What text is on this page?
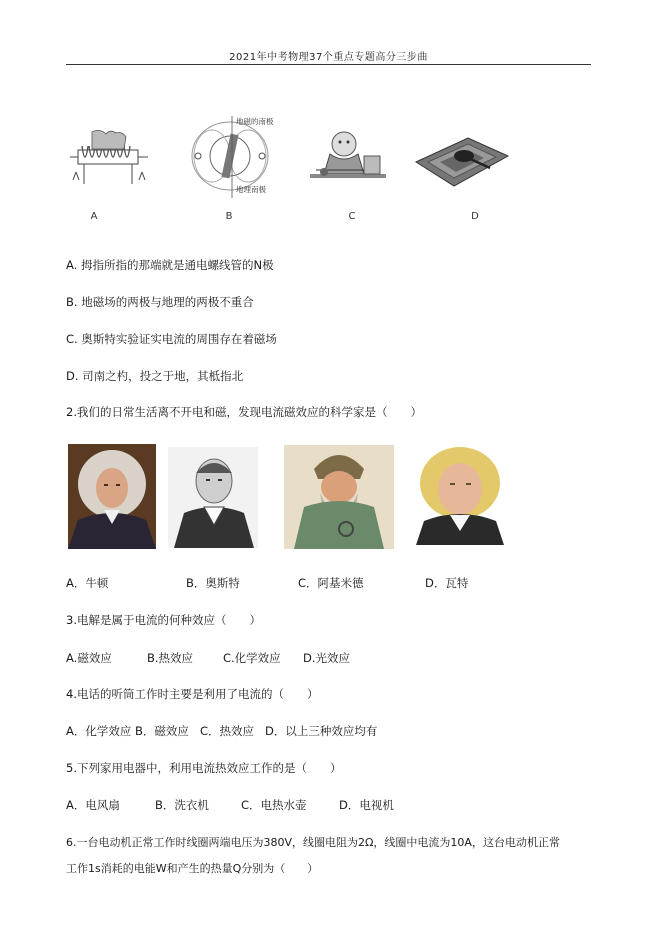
2021年中考物理37个重点专题高分三步曲
A
地磁的南极
地理南极
B	C	D
A. 拇指所指的那端就是通电螺线管的N极
B. 地磁场的两极与地理的两极不重合
C. 奥斯特实验证实电流的周围存在着磁场
D. 司南之杓，投之于地，其柢指北
2.我们的日常生活离不开电和磁，发现电流磁效应的科学家是（　　）
A．牛顿	B．奥斯特	C．阿基米德	D．瓦特
3.电解是属于电流的何种效应（　　）
A.磁效应	B.热效应	C.化学效应 D.光效应
4.电话的听筒工作时主要是利用了电流的（　　）
A．化学效应 B．磁效应 C．热效应 D．以上三种效应均有
5.下列家用电器中，利用电流热效应工作的是（　　）
A．电风扇	B．洗衣机	C．电热水壶	D．电视机
6.一台电动机正常工作时线圈两端电压为380V，线圈电阻为2Ω，线圈中电流为10A，这台电动机正常
工作1s消耗的电能W和产生的热量Q分别为（　　）
